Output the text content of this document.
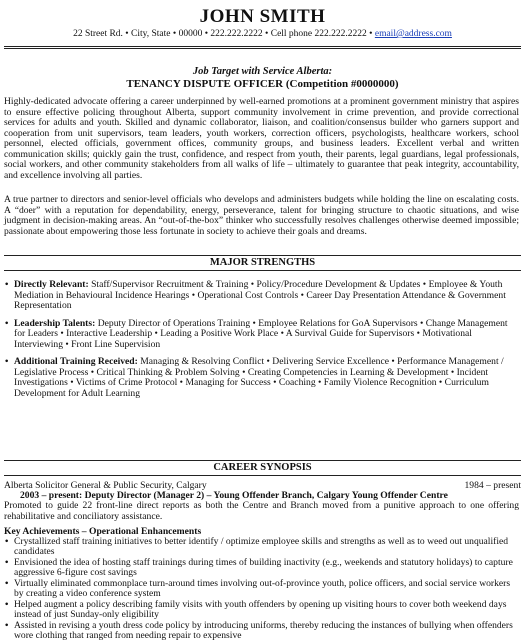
JOHN SMITH
22 Street Rd. • City, State • 00000 • 222.222.2222 • Cell phone 222.222.2222 • email@address.com
Job Target with Service Alberta:
TENANCY DISPUTE OFFICER (Competition #0000000)

Highly-dedicated advocate offering a career underpinned by well-earned promotions at a prominent government ministry that aspires to ensure effective policing throughout Alberta, support community involvement in crime prevention, and provide correctional services for adults and youth. Skilled and dynamic collaborator, liaison, and coalition/consensus builder who garners support and cooperation from unit supervisors, team leaders, youth workers, correction officers, psychologists, healthcare workers, school personnel, elected officials, government offices, community groups, and business leaders. Excellent verbal and written communication skills; quickly gain the trust, confidence, and respect from youth, their parents, legal guardians, legal professionals, social workers, and other community stakeholders from all walks of life – ultimately to guarantee that peak integrity, accountability, and excellence involving all parties.

A true partner to directors and senior-level officials who develops and administers budgets while holding the line on escalating costs. A “doer” with a reputation for dependability, energy, perseverance, talent for bringing structure to chaotic situations, and wise judgment in decision-making areas. An “out-of-the-box” thinker who successfully resolves challenges otherwise deemed impossible; passionate about empowering those less fortunate in society to achieve their goals and dreams.

MAJOR STRENGTHS
• Directly Relevant: Staff/Supervisor Recruitment & Training • Policy/Procedure Development & Updates • Employee & Youth Mediation in Behavioural Incidence Hearings • Operational Cost Controls • Career Day Presentation Attendance & Government Representation
• Leadership Talents: Deputy Director of Operations Training • Employee Relations for GoA Supervisors • Change Management for Leaders • Interactive Leadership • Leading a Positive Work Place • A Survival Guide for Supervisors • Motivational Interviewing • Front Line Supervision
• Additional Training Received: Managing & Resolving Conflict • Delivering Service Excellence • Performance Management / Legislative Process • Critical Thinking & Problem Solving • Creating Competencies in Learning & Development • Incident Investigations • Victims of Crime Protocol • Managing for Success • Coaching • Family Violence Recognition • Curriculum Development for Adult Learning
CAREER SYNOPSIS
Alberta Solicitor General & Public Security, Calgary	1984 – present
2003 – present: Deputy Director (Manager 2) – Young Offender Branch, Calgary Young Offender Centre

Promoted to guide 22 front-line direct reports as both the Centre and Branch moved from a punitive approach to one offering rehabilitative and conciliatory assistance.

Key Achievements – Operational Enhancements
• Crystallized staff training initiatives to better identify / optimize employee skills and strengths as well as to weed out unqualified candidates
• Envisioned the idea of hosting staff trainings during times of building inactivity (e.g., weekends and statutory holidays) to capture aggressive 6-figure cost savings
• Virtually eliminated commonplace turn-around times involving out-of-province youth, police officers, and social service workers by creating a video conference system
• Helped augment a policy describing family visits with youth offenders by opening up visiting hours to cover both weekend days instead of just Sunday-only eligibility
• Assisted in revising a youth dress code policy by introducing uniforms, thereby reducing the instances of bullying when offenders wore clothing that ranged from needing repair to expensive
